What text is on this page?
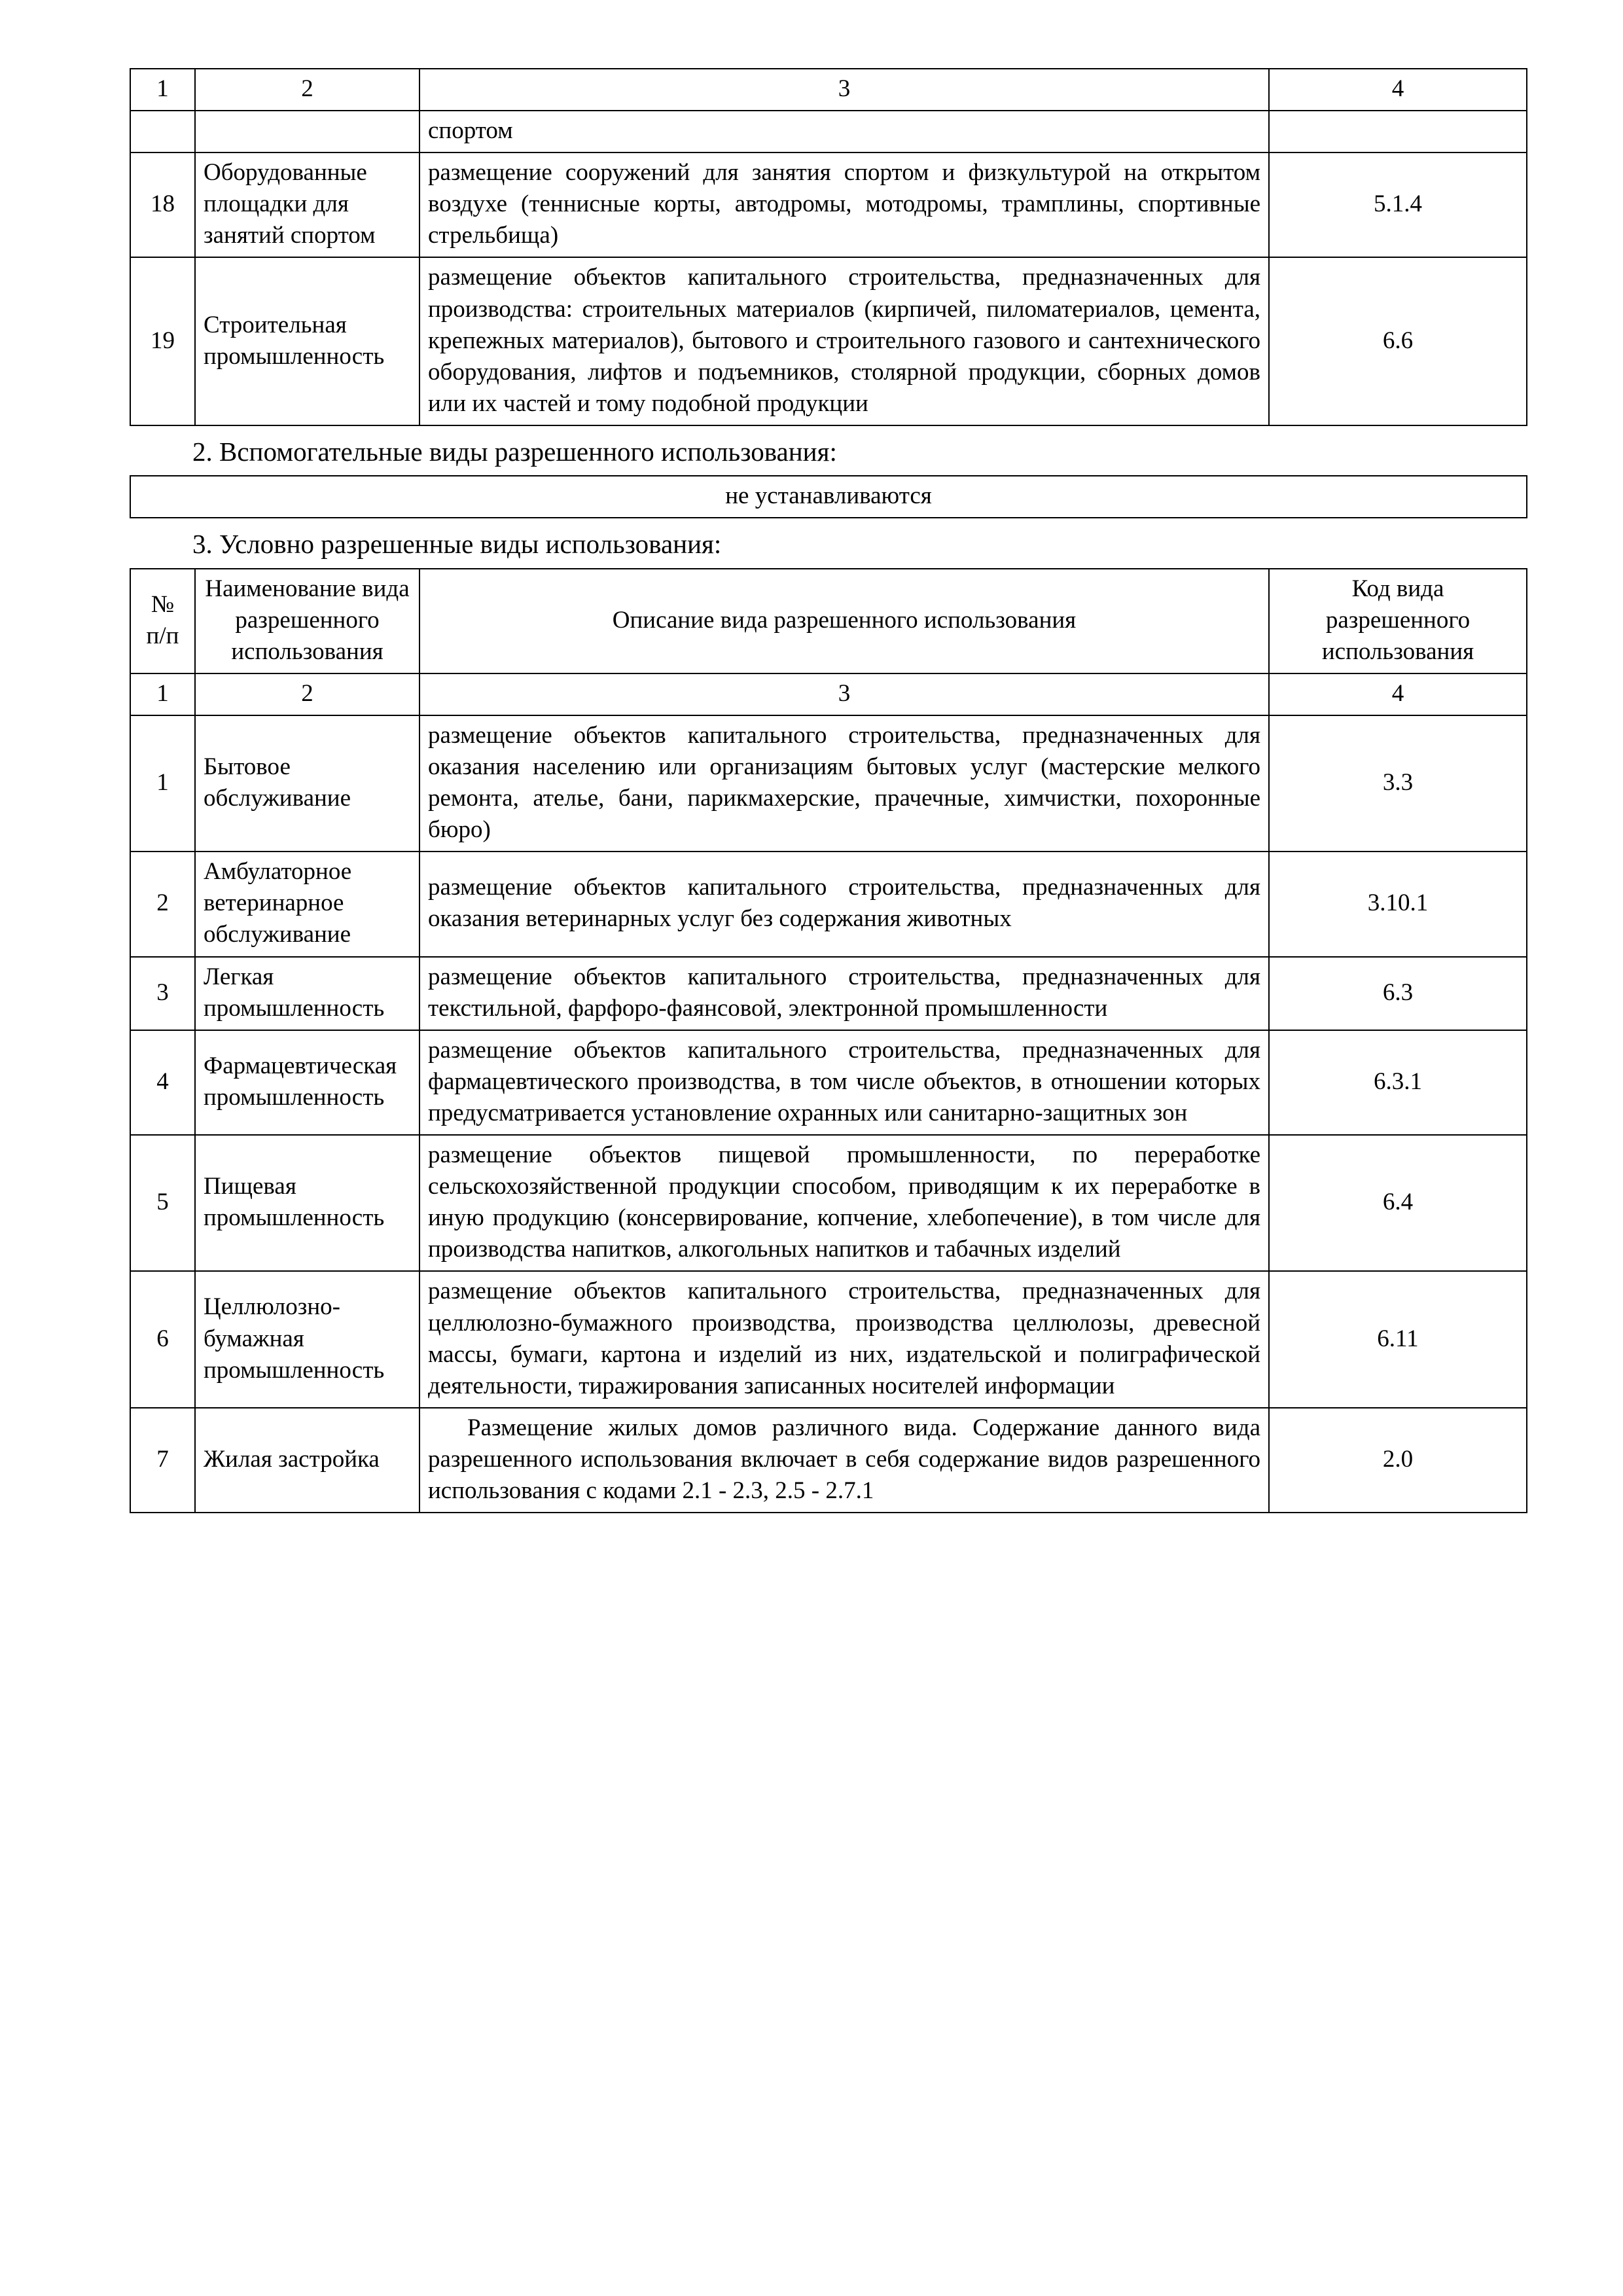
1	2	3	4
		спортом	
18	Оборудованные площадки для занятий спортом	размещение сооружений для занятия спортом и физкультурой на открытом воздухе (теннисные корты, автодромы, мотодромы, трамплины, спортивные стрельбища)	5.1.4
19	Строительная промышленность	размещение объектов капитального строительства, предназначенных для производства: строительных материалов (кирпичей, пиломатериалов, цемента, крепежных материалов), бытового и строительного газового и сантехнического оборудования, лифтов и подъемников, столярной продукции, сборных домов или их частей и тому подобной продукции	6.6
2. Вспомогательные виды разрешенного использования:
не устанавливаются
3. Условно разрешенные виды использования:
№ п/п	Наименование вида разрешенного использования	Описание вида разрешенного использования	Код вида разрешенного использования
1	2	3	4
1	Бытовое обслуживание	размещение объектов капитального строительства, предназначенных для оказания населению или организациям бытовых услуг (мастерские мелкого ремонта, ателье, бани, парикмахерские, прачечные, химчистки, похоронные бюро)	3.3
2	Амбулаторное ветеринарное обслуживание	размещение объектов капитального строительства, предназначенных для оказания ветеринарных услуг без содержания животных	3.10.1
3	Легкая промышленность	размещение объектов капитального строительства, предназначенных для текстильной, фарфоро-фаянсовой, электронной промышленности	6.3
4	Фармацевтическая промышленность	размещение объектов капитального строительства, предназначенных для фармацевтического производства, в том числе объектов, в отношении которых предусматривается установление охранных или санитарно-защитных зон	6.3.1
5	Пищевая промышленность	размещение объектов пищевой промышленности, по переработке сельскохозяйственной продукции способом, приводящим к их переработке в иную продукцию (консервирование, копчение, хлебопечение), в том числе для производства напитков, алкогольных напитков и табачных изделий	6.4
6	Целлюлозно-бумажная промышленность	размещение объектов капитального строительства, предназначенных для целлюлозно-бумажного производства, производства целлюлозы, древесной массы, бумаги, картона и изделий из них, издательской и полиграфической деятельности, тиражирования записанных носителей информации	6.11
7	Жилая застройка	Размещение жилых домов различного вида. Содержание данного вида разрешенного использования включает в себя содержание видов разрешенного использования с кодами 2.1 - 2.3, 2.5 - 2.7.1	2.0
